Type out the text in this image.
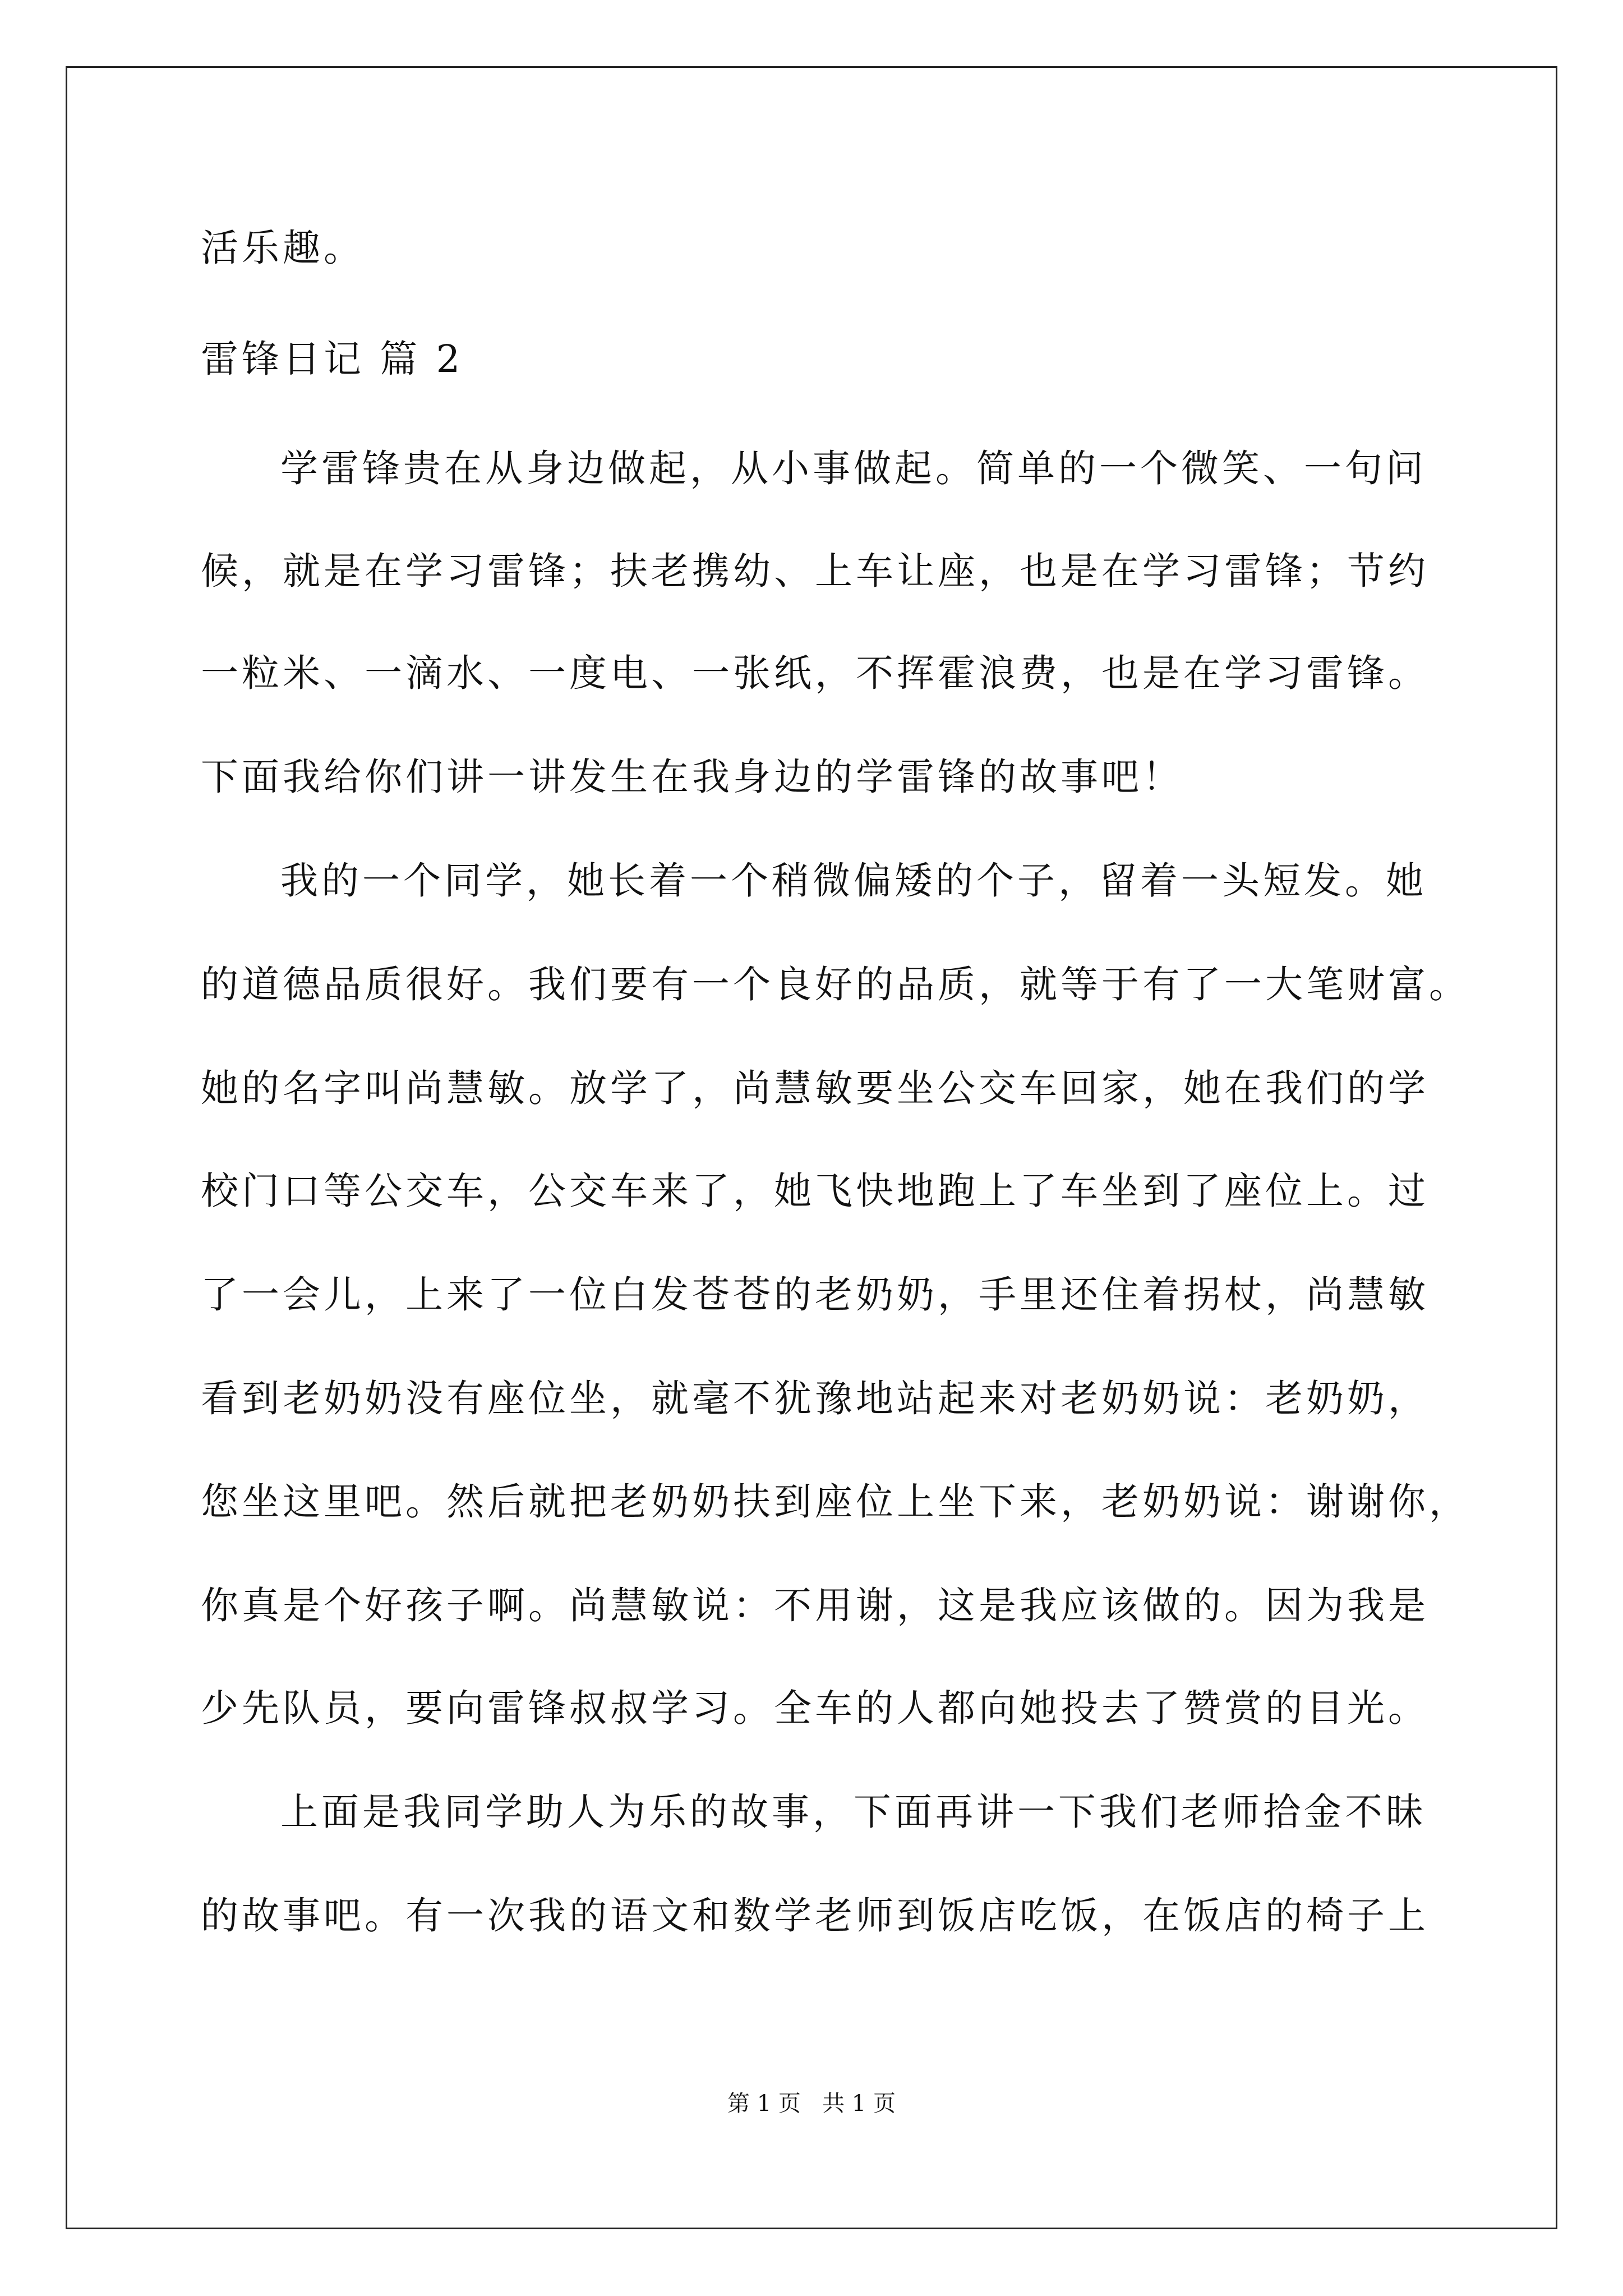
活乐趣。
雷锋日记 篇 2
学雷锋贵在从身边做起，从小事做起。简单的一个微笑、一句问
候，就是在学习雷锋；扶老携幼、上车让座，也是在学习雷锋；节约
一粒米、一滴水、一度电、一张纸，不挥霍浪费，也是在学习雷锋。
下面我给你们讲一讲发生在我身边的学雷锋的故事吧！
我的一个同学，她长着一个稍微偏矮的个子，留着一头短发。她
的道德品质很好。我们要有一个良好的品质，就等于有了一大笔财富。
她的名字叫尚慧敏。放学了，尚慧敏要坐公交车回家，她在我们的学
校门口等公交车，公交车来了，她飞快地跑上了车坐到了座位上。过
了一会儿，上来了一位白发苍苍的老奶奶，手里还住着拐杖，尚慧敏
看到老奶奶没有座位坐，就毫不犹豫地站起来对老奶奶说：老奶奶，
您坐这里吧。然后就把老奶奶扶到座位上坐下来，老奶奶说：谢谢你，
你真是个好孩子啊。尚慧敏说：不用谢，这是我应该做的。因为我是
少先队员，要向雷锋叔叔学习。全车的人都向她投去了赞赏的目光。
上面是我同学助人为乐的故事，下面再讲一下我们老师拾金不昧
的故事吧。有一次我的语文和数学老师到饭店吃饭，在饭店的椅子上
第 1 页   共 1 页
